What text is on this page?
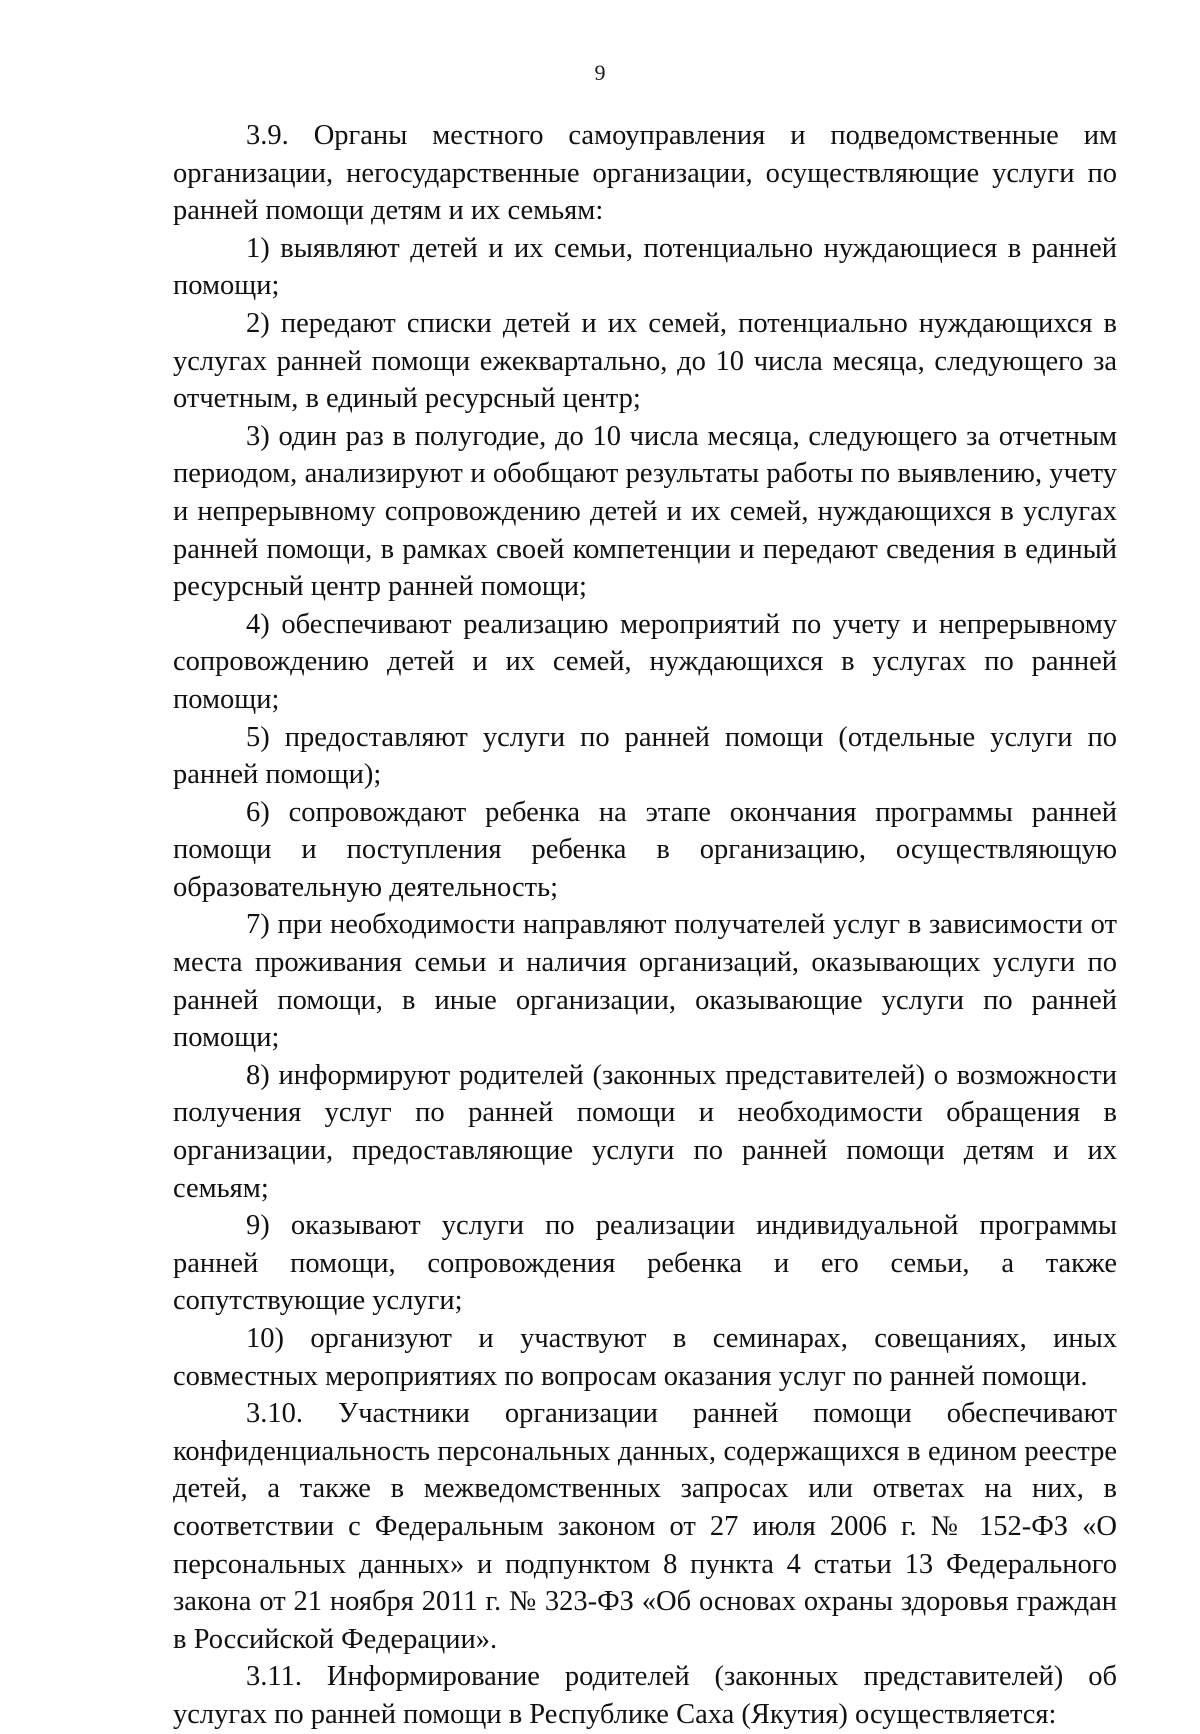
9

3.9. Органы местного самоуправления и подведомственные им организации, негосударственные организации, осуществляющие услуги по ранней помощи детям и их семьям:

1) выявляют детей и их семьи, потенциально нуждающиеся в ранней помощи;

2) передают списки детей и их семей, потенциально нуждающихся в услугах ранней помощи ежеквартально, до 10 числа месяца, следующего за отчетным, в единый ресурсный центр;

3) один раз в полугодие, до 10 числа месяца, следующего за отчетным периодом, анализируют и обобщают результаты работы по выявлению, учету и непрерывному сопровождению детей и их семей, нуждающихся в услугах ранней помощи, в рамках своей компетенции и передают сведения в единый ресурсный центр ранней помощи;

4) обеспечивают реализацию мероприятий по учету и непрерывному сопровождению детей и их семей, нуждающихся в услугах по ранней помощи;

5) предоставляют услуги по ранней помощи (отдельные услуги по ранней помощи);

6) сопровождают ребенка на этапе окончания программы ранней помощи и поступления ребенка в организацию, осуществляющую образовательную деятельность;

7) при необходимости направляют получателей услуг в зависимости от места проживания семьи и наличия организаций, оказывающих услуги по ранней помощи, в иные организации, оказывающие услуги по ранней помощи;

8) информируют родителей (законных представителей) о возможности получения услуг по ранней помощи и необходимости обращения в организации, предоставляющие услуги по ранней помощи детям и их семьям;

9) оказывают услуги по реализации индивидуальной программы ранней помощи, сопровождения ребенка и его семьи, а также сопутствующие услуги;

10) организуют и участвуют в семинарах, совещаниях, иных совместных мероприятиях по вопросам оказания услуг по ранней помощи.

3.10. Участники организации ранней помощи обеспечивают конфиденциальность персональных данных, содержащихся в едином реестре детей, а также в межведомственных запросах или ответах на них, в соответствии с Федеральным законом от 27 июля 2006 г. № 152-ФЗ «О персональных данных» и подпунктом 8 пункта 4 статьи 13 Федерального закона от 21 ноября 2011 г. № 323-ФЗ «Об основах охраны здоровья граждан в Российской Федерации».

3.11. Информирование родителей (законных представителей) об услугах по ранней помощи в Республике Саха (Якутия) осуществляется:
